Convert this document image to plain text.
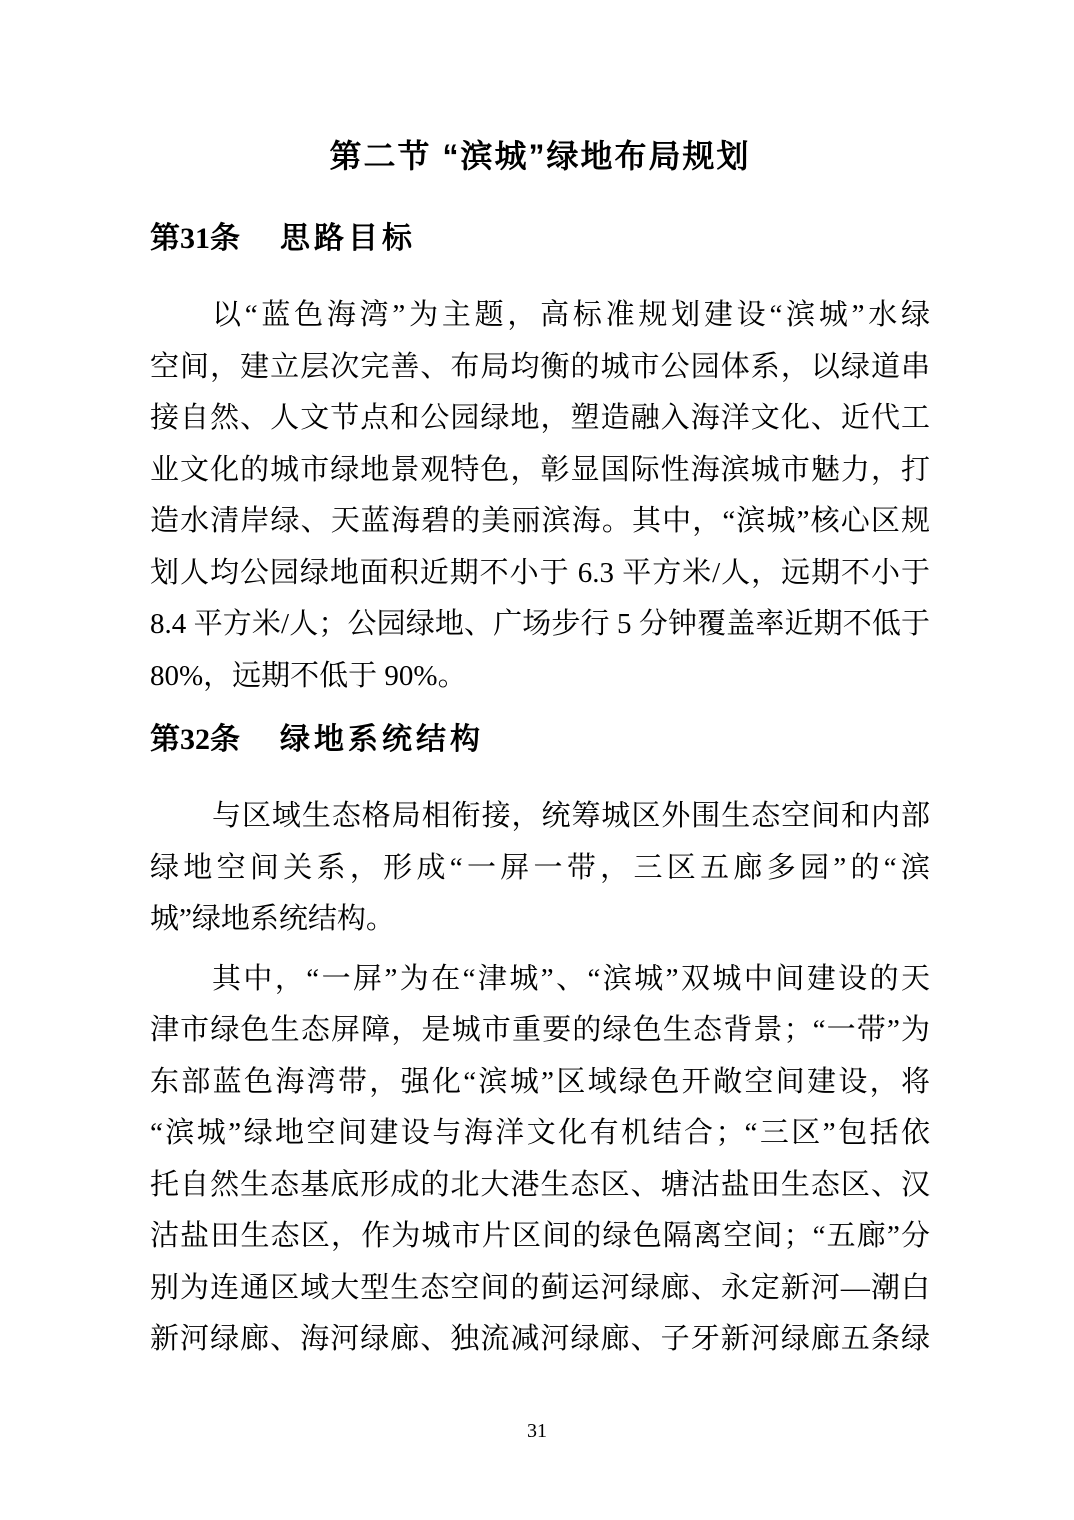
第二节 “滨城”绿地布局规划
第31条 思路目标
以“蓝色海湾”为主题，高标准规划建设“滨城”水绿
空间，建立层次完善、布局均衡的城市公园体系，以绿道串
接自然、人文节点和公园绿地，塑造融入海洋文化、近代工
业文化的城市绿地景观特色，彰显国际性海滨城市魅力，打
造水清岸绿、天蓝海碧的美丽滨海。其中，“滨城”核心区规
划人均公园绿地面积近期不小于 6.3 平方米/人，远期不小于
8.4 平方米/人；公园绿地、广场步行 5 分钟覆盖率近期不低于
80%，远期不低于 90%。
第32条 绿地系统结构
与区域生态格局相衔接，统筹城区外围生态空间和内部
绿地空间关系，形成“一屏一带，三区五廊多园”的“滨
城”绿地系统结构。
其中，“一屏”为在“津城”、“滨城”双城中间建设的天
津市绿色生态屏障，是城市重要的绿色生态背景；“一带”为
东部蓝色海湾带，强化“滨城”区域绿色开敞空间建设，将
“滨城”绿地空间建设与海洋文化有机结合；“三区”包括依
托自然生态基底形成的北大港生态区、塘沽盐田生态区、汉
沽盐田生态区，作为城市片区间的绿色隔离空间；“五廊”分
别为连通区域大型生态空间的蓟运河绿廊、永定新河—潮白
新河绿廊、海河绿廊、独流减河绿廊、子牙新河绿廊五条绿
31
